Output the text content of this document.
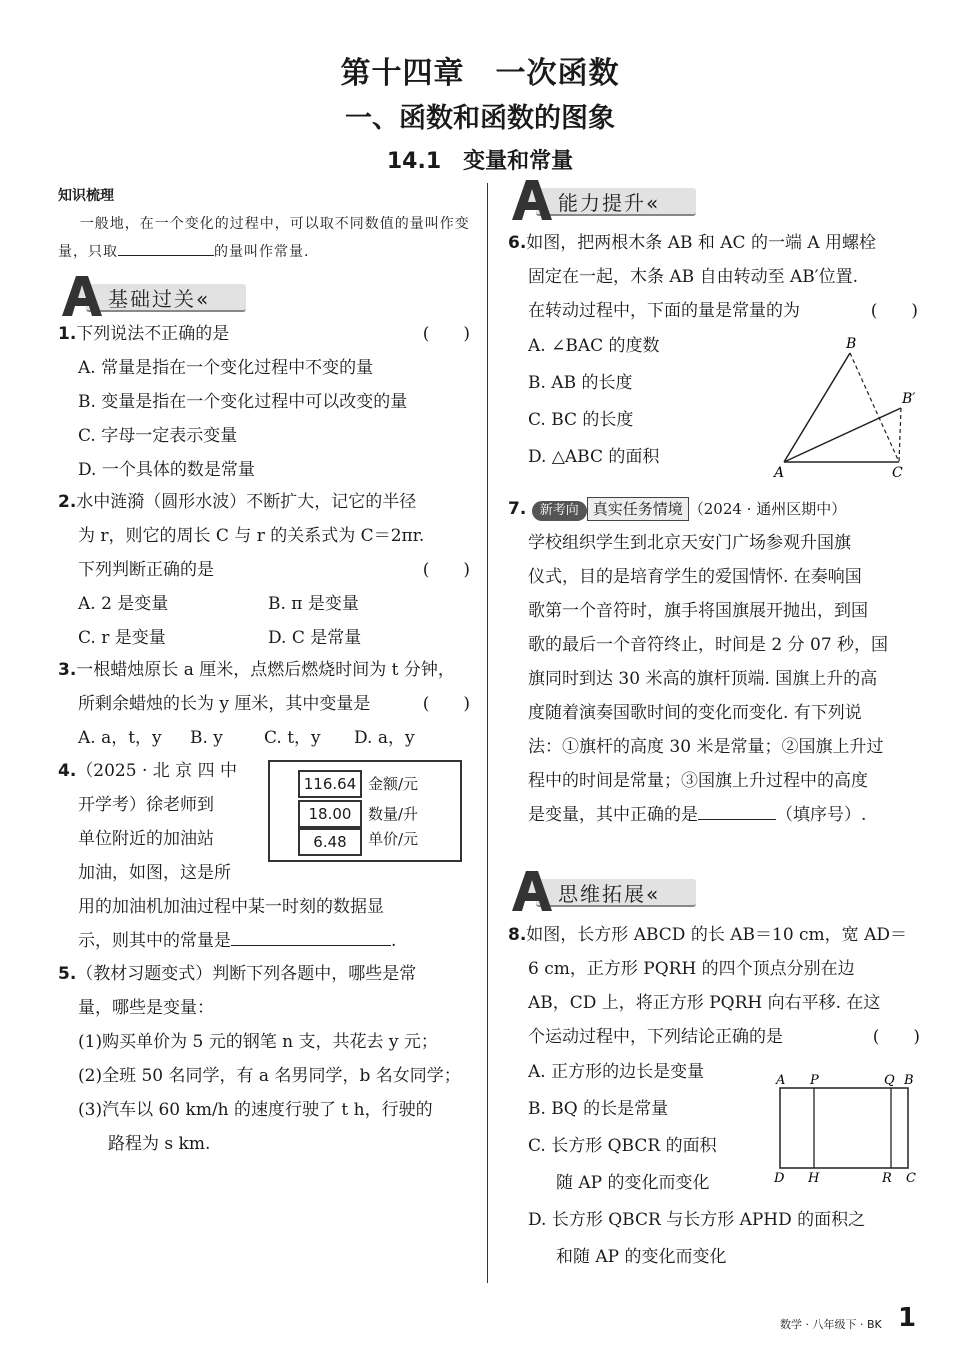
第十四章　一次函数
一、函数和函数的图象
14.1　变量和常量
知识梳理
一般地，在一个变化的过程中，可以取不同数值的量叫作变量，只取	的量叫作常量.
基础过关«
1.下列说法不正确的是	(　　)
A. 常量是指在一个变化过程中不变的量
B. 变量是指在一个变化过程中可以改变的量
C. 字母一定表示变量
D. 一个具体的数是常量
2.水中涟漪（圆形水波）不断扩大，记它的半径
为 r，则它的周长 C 与 r 的关系式为 C＝2πr.
下列判断正确的是	(　　)
A. 2 是变量	B. π 是变量
C. r 是变量	D. C 是常量
3.一根蜡烛原长 a 厘米，点燃后燃烧时间为 t 分钟，
所剩余蜡烛的长为 y 厘米，其中变量是	(　　)
A. a，t，y B. y C. t，y D. a，y
4.（2025 · 北 京 四 中
开学考）徐老师到
单位附近的加油站
加油，如图，这是所
用的加油机加油过程中某一时刻的数据显
示，则其中的常量是	.
116.64 金额/元
18.00	数量/升
6.48	单价/元
5.（教材习题变式）判断下列各题中，哪些是常
量，哪些是变量：
(1)购买单价为 5 元的钢笔 n 支，共花去 y 元；
(2)全班 50 名同学，有 a 名男同学，b 名女同学；
(3)汽车以 60 km/h 的速度行驶了 t h，行驶的
路程为 s km.
能力提升«
6.如图，把两根木条 AB 和 AC 的一端 A 用螺栓
固定在一起，木条 AB 自由转动至 AB′位置.
在转动过程中，下面的量是常量的为	(　　)
A. ∠BAC 的度数
B. AB 的长度
C. BC 的长度
D. △ABC 的面积
A
B
B′
C
7. 新考向 真实任务情境 （2024 · 通州区期中）
学校组织学生到北京天安门广场参观升国旗
仪式，目的是培育学生的爱国情怀. 在奏响国
歌第一个音符时，旗手将国旗展开抛出，到国
歌的最后一个音符终止，时间是 2 分 07 秒，国
旗同时到达 30 米高的旗杆顶端. 国旗上升的高
度随着演奏国歌时间的变化而变化. 有下列说
法：①旗杆的高度 30 米是常量；②国旗上升过
程中的时间是常量；③国旗上升过程中的高度
是变量，其中正确的是	（填序号）.
思维拓展«
8.如图，长方形 ABCD 的长 AB＝10 cm，宽 AD＝
6 cm，正方形 PQRH 的四个顶点分别在边
AB，CD 上，将正方形 PQRH 向右平移. 在这
个运动过程中，下列结论正确的是	(　　)
A. 正方形的边长是变量
B. BQ 的长是常量
C. 长方形 QBCR 的面积
随 AP 的变化而变化
D. 长方形 QBCR 与长方形 APHD 的面积之
和随 AP 的变化而变化
A P	Q B
D H	R C
数学 · 八年级下 · BK 1
